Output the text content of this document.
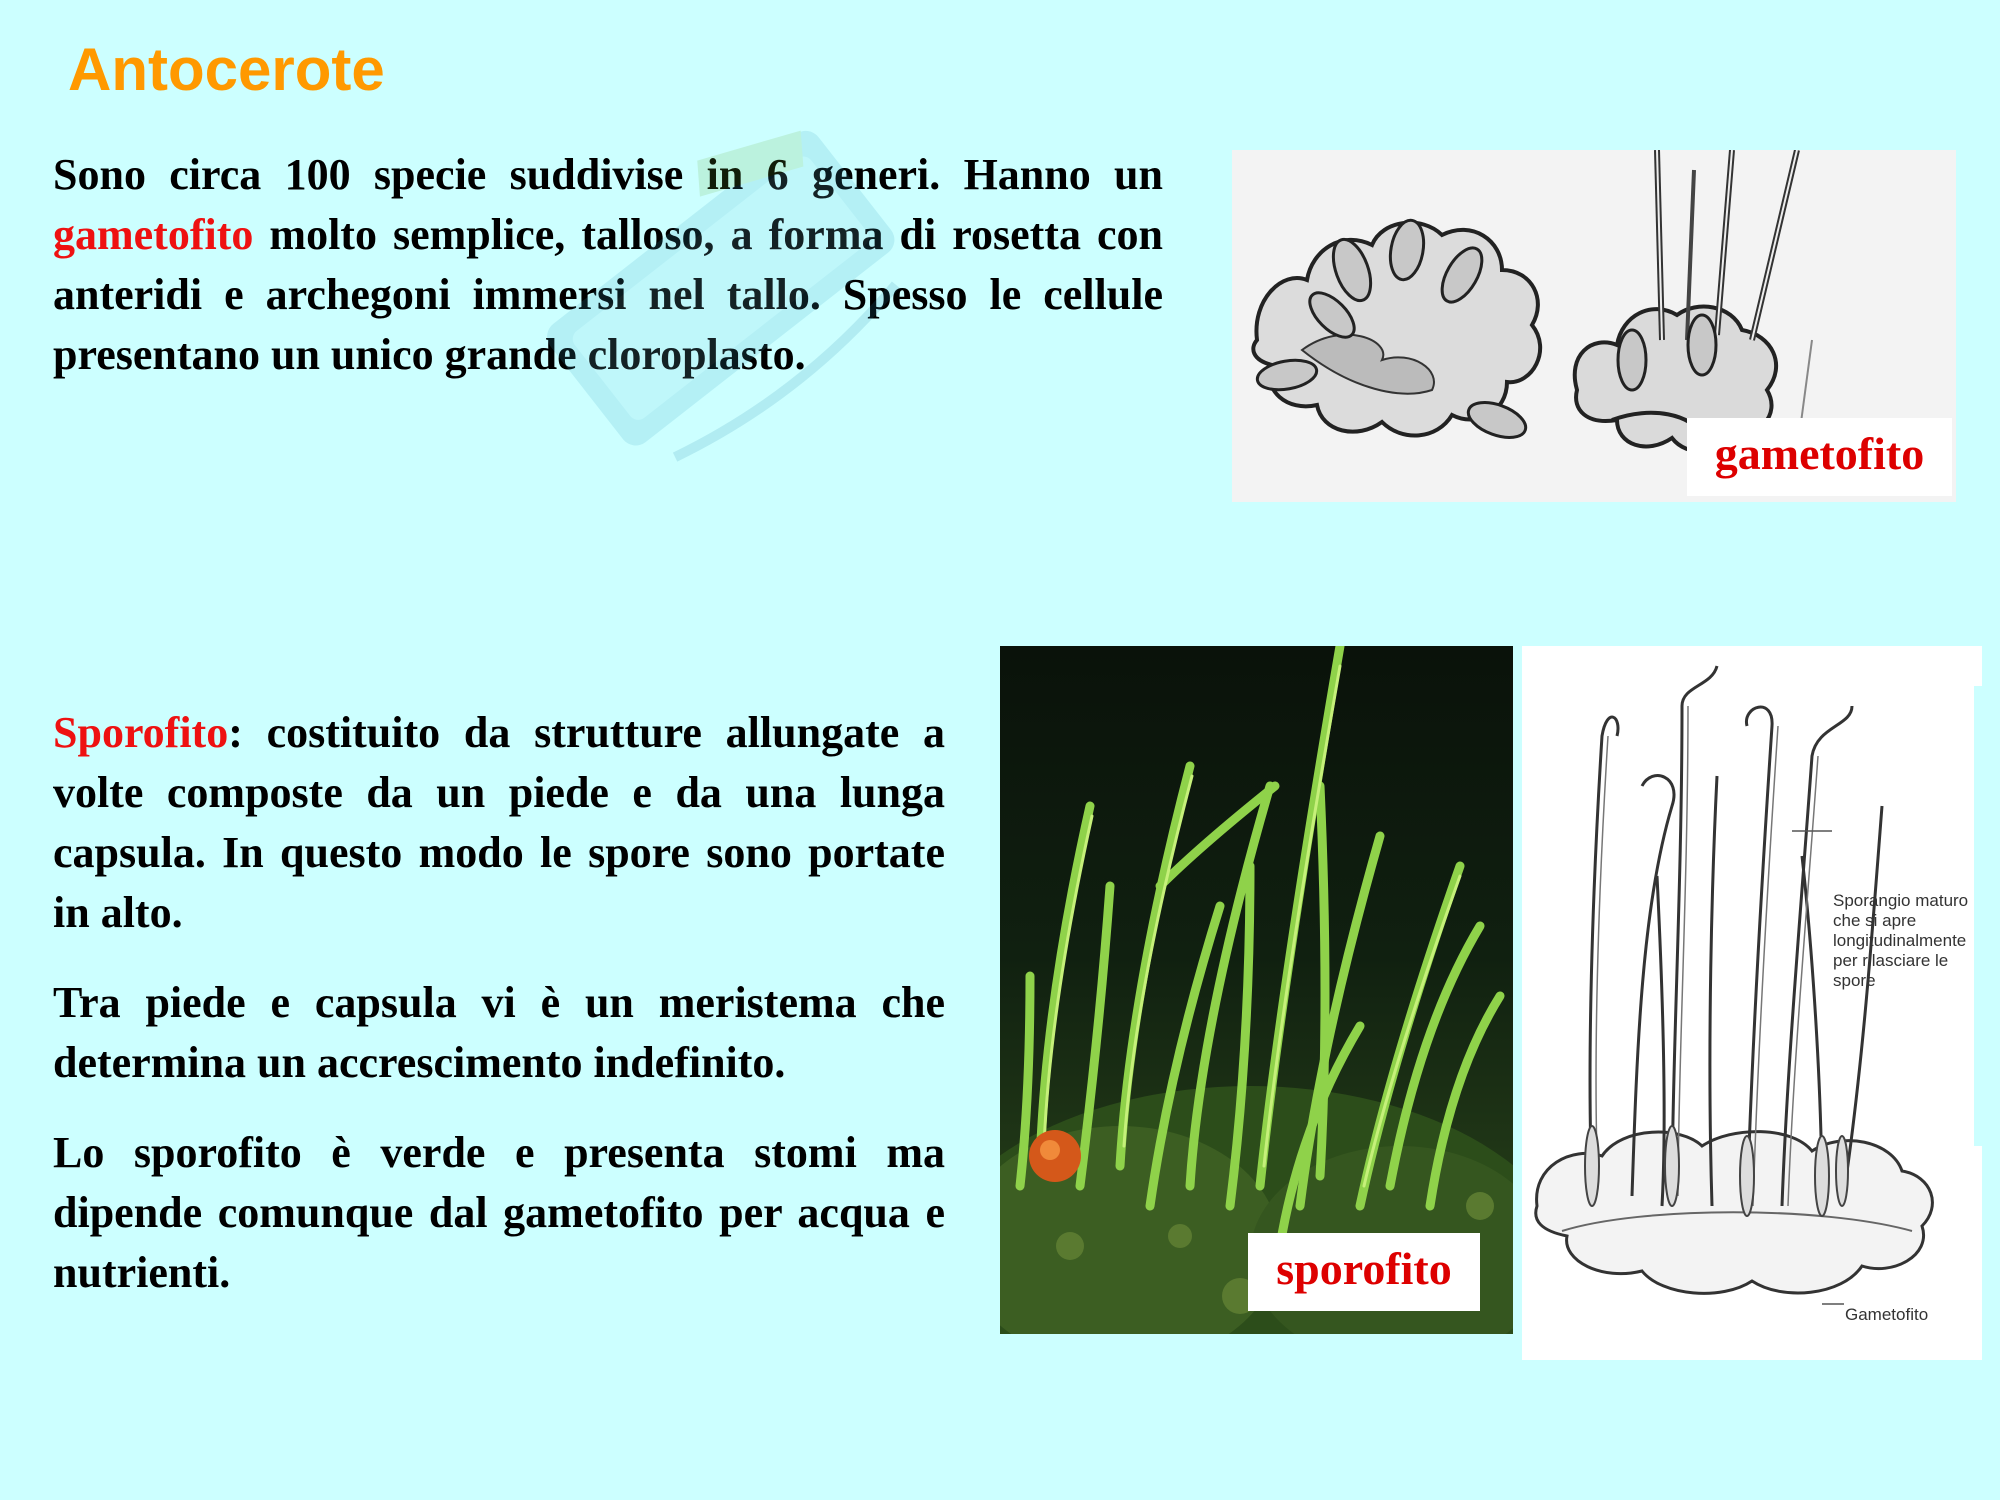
Antocerote

Sono circa 100 specie suddivise in 6 generi. Hanno un gametofito molto semplice, talloso, a forma di rosetta con anteridi e archegoni immersi nel tallo. Spesso le cellule presentano un unico grande cloroplasto.

Sporofito: costituito da strutture allungate a volte composte da un piede e da una lunga capsula. In questo modo le spore sono portate in alto.

Tra piede e capsula vi è un meristema che determina un accrescimento indefinito.

Lo sporofito è verde e presenta stomi ma dipende comunque dal gametofito per acqua e nutrienti.

gametofito
sporofito
Sporangio maturo che si apre longitudinalmente per rilasciare le spore
Gametofito
